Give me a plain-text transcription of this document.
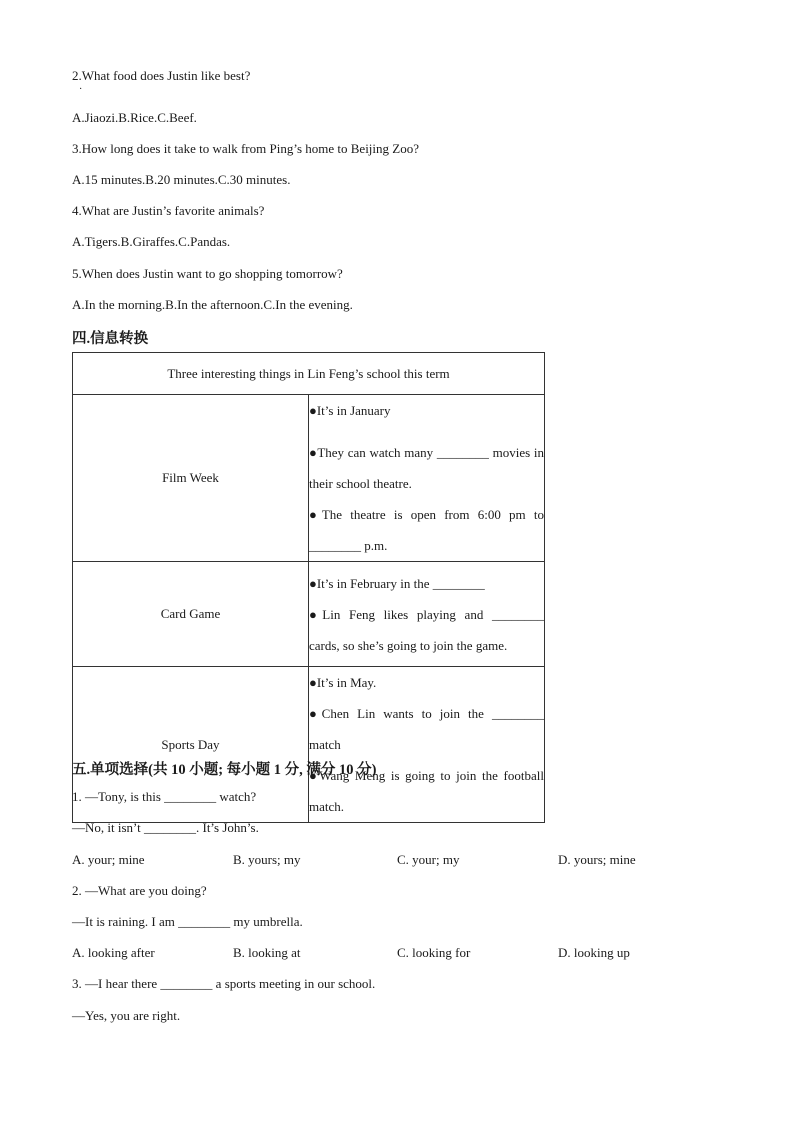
2.What food does Justin like best?
·
A.Jiaozi.B.Rice.C.Beef.
3.How long does it take to walk from Ping’s home to Beijing Zoo?
A.15 minutes.B.20 minutes.C.30 minutes.
4.What are Justin’s favorite animals?
A.Tigers.B.Giraffes.C.Pandas.
5.When does Justin want to go shopping tomorrow?
A.In the morning.B.In the afternoon.C.In the evening.
四.信息转换
Three interesting things in Lin Feng’s school this term	
Film Week	●It’s in January
●They can watch many ________ movies in their school theatre.
●The theatre is open from 6:00 pm to ________ p.m.

Card Game	●It’s in February in the ________
●Lin Feng likes playing and ________ cards, so she’s going to join the game.

Sports Day	●It’s in May.
●Chen Lin wants to join the ________ match
●Wang Meng is going to join the football match.
五.单项选择(共 10 小题; 每小题 1 分, 满分 10 分)
1. —Tony, is this ________ watch?
—No, it isn’t ________. It’s John’s.
A. your; mine	B. yours; my	C. your; my	D. yours; mine
2. —What are you doing?
—It is raining. I am ________ my umbrella.
A. looking after	B. looking at	C. looking for	D. looking up
3. —I hear there ________ a sports meeting in our school.
—Yes, you are right.
